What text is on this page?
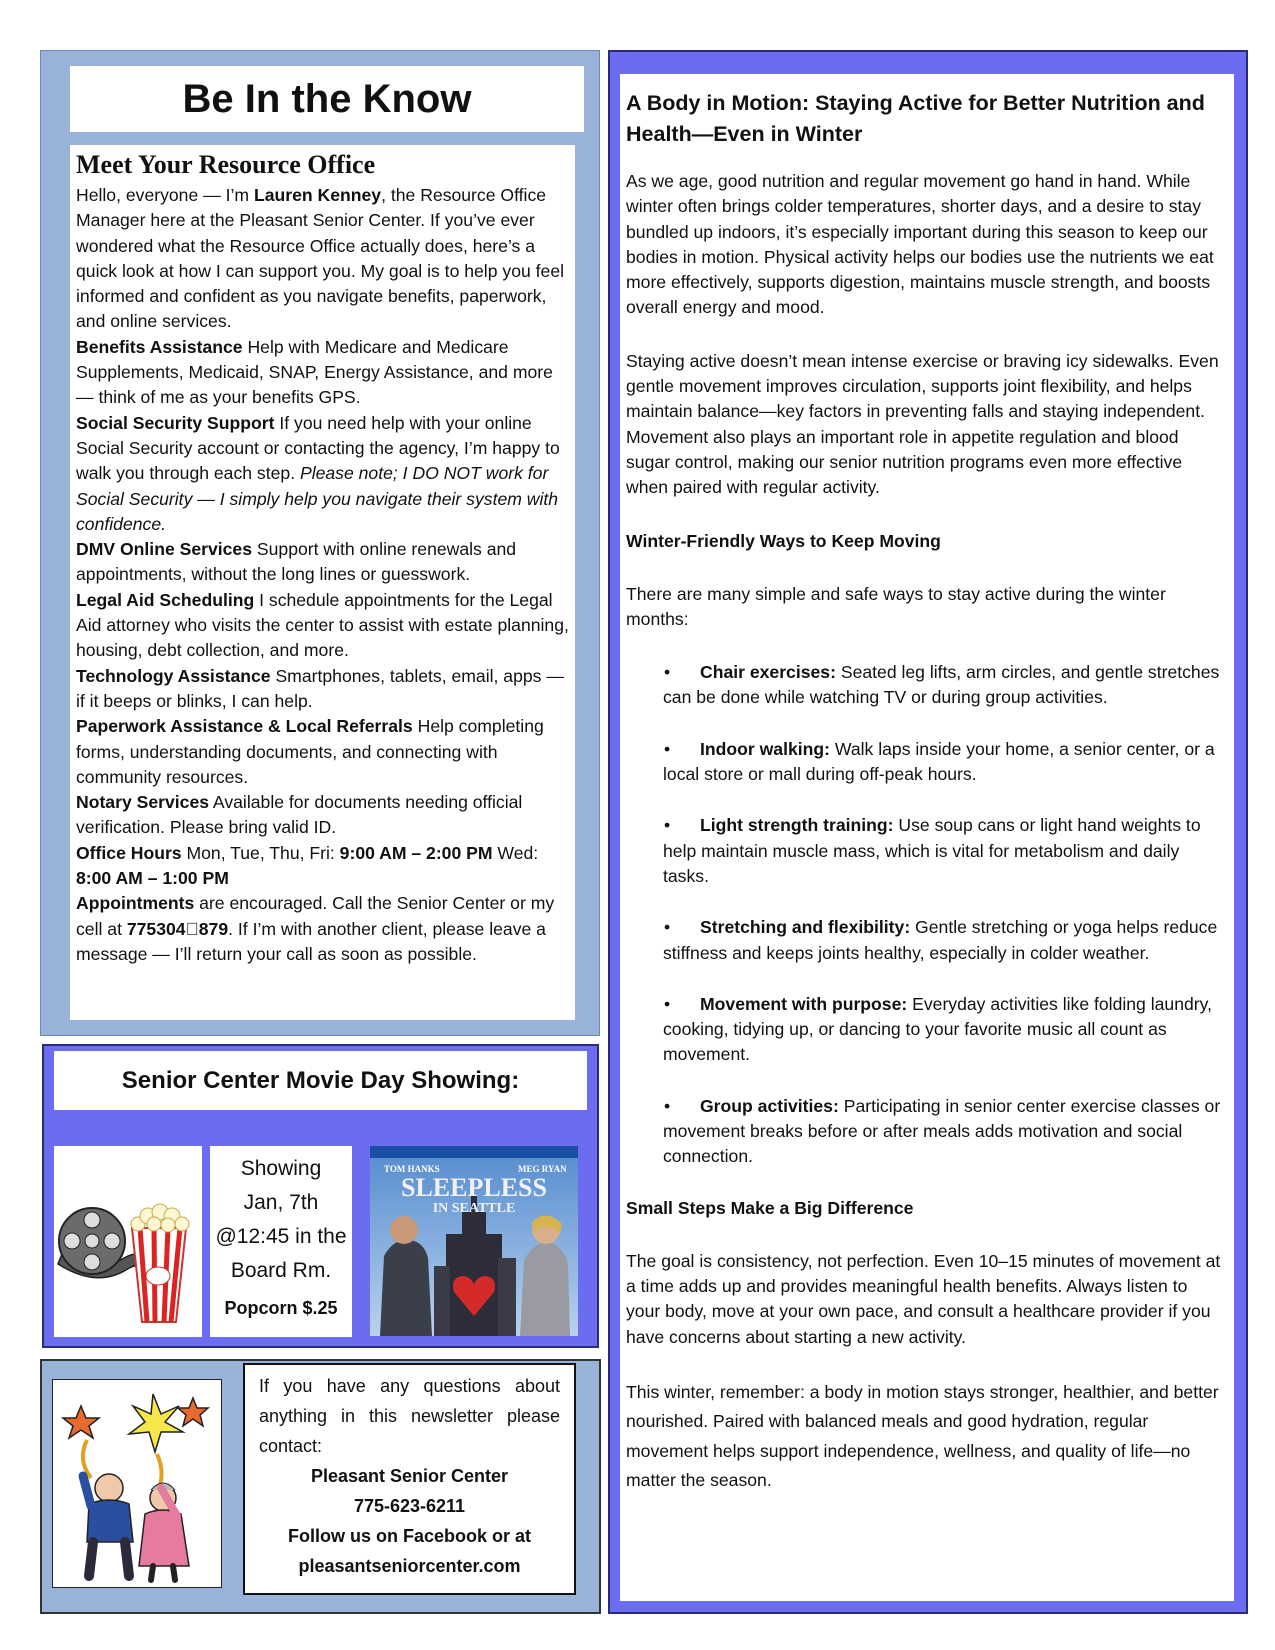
Be In the Know
Meet Your Resource Office

Hello, everyone — I’m Lauren Kenney, the Resource Office Manager here at the Pleasant Senior Center. If you’ve ever wondered what the Resource Office actually does, here’s a quick look at how I can support you. My goal is to help you feel informed and confident as you navigate benefits, paperwork, and online services.

Benefits Assistance Help with Medicare and Medicare Supplements, Medicaid, SNAP, Energy Assistance, and more — think of me as your benefits GPS.

Social Security Support If you need help with your online Social Security account or contacting the agency, I’m happy to walk you through each step. Please note; I DO NOT work for Social Security — I simply help you navigate their system with confidence.

DMV Online Services Support with online renewals and appointments, without the long lines or guesswork.

Legal Aid Scheduling I schedule appointments for the Legal Aid attorney who visits the center to assist with estate planning, housing, debt collection, and more.

Technology Assistance Smartphones, tablets, email, apps — if it beeps or blinks, I can help.

Paperwork Assistance & Local Referrals Help completing forms, understanding documents, and connecting with community resources.

Notary Services Available for documents needing official verification. Please bring valid ID.

Office Hours Mon, Tue, Thu, Fri: 9:00 AM – 2:00 PM Wed: 8:00 AM – 1:00 PM

Appointments are encouraged. Call the Senior Center or my cell at 775304 879. If I’m with another client, please leave a message — I’ll return your call as soon as possible.

Senior Center Movie Day Showing:
Showing
Jan, 7th
@12:45 in the
Board Rm.
Popcorn $.25
TOM HANKS	MEG RYAN
SLEEPLESS
IN SEATTLE

If you have any questions about anything in this newsletter please contact:

Pleasant Senior Center
775-623-6211
Follow us on Facebook or at
pleasantseniorcenter.com
A Body in Motion: Staying Active for Better Nutrition and Health—Even in Winter

As we age, good nutrition and regular movement go hand in hand. While winter often brings colder temperatures, shorter days, and a desire to stay bundled up indoors, it’s especially important during this season to keep our bodies in motion. Physical activity helps our bodies use the nutrients we eat more effectively, supports digestion, maintains muscle strength, and boosts overall energy and mood.

Staying active doesn’t mean intense exercise or braving icy sidewalks. Even gentle movement improves circulation, supports joint flexibility, and helps maintain balance—key factors in preventing falls and staying independent. Movement also plays an important role in appetite regulation and blood sugar control, making our senior nutrition programs even more effective when paired with regular activity.

Winter-Friendly Ways to Keep Moving

There are many simple and safe ways to stay active during the winter months:

• Chair exercises: Seated leg lifts, arm circles, and gentle stretches can be done while watching TV or during group activities.
• Indoor walking: Walk laps inside your home, a senior center, or a local store or mall during off-peak hours.
• Light strength training: Use soup cans or light hand weights to help maintain muscle mass, which is vital for metabolism and daily tasks.
• Stretching and flexibility: Gentle stretching or yoga helps reduce stiffness and keeps joints healthy, especially in colder weather.
• Movement with purpose: Everyday activities like folding laundry, cooking, tidying up, or dancing to your favorite music all count as movement.
• Group activities: Participating in senior center exercise classes or movement breaks before or after meals adds motivation and social connection.

Small Steps Make a Big Difference

The goal is consistency, not perfection. Even 10–15 minutes of movement at a time adds up and provides meaningful health benefits. Always listen to your body, move at your own pace, and consult a healthcare provider if you have concerns about starting a new activity.

This winter, remember: a body in motion stays stronger, healthier, and better nourished. Paired with balanced meals and good hydration, regular movement helps support independence, wellness, and quality of life—no matter the season.
